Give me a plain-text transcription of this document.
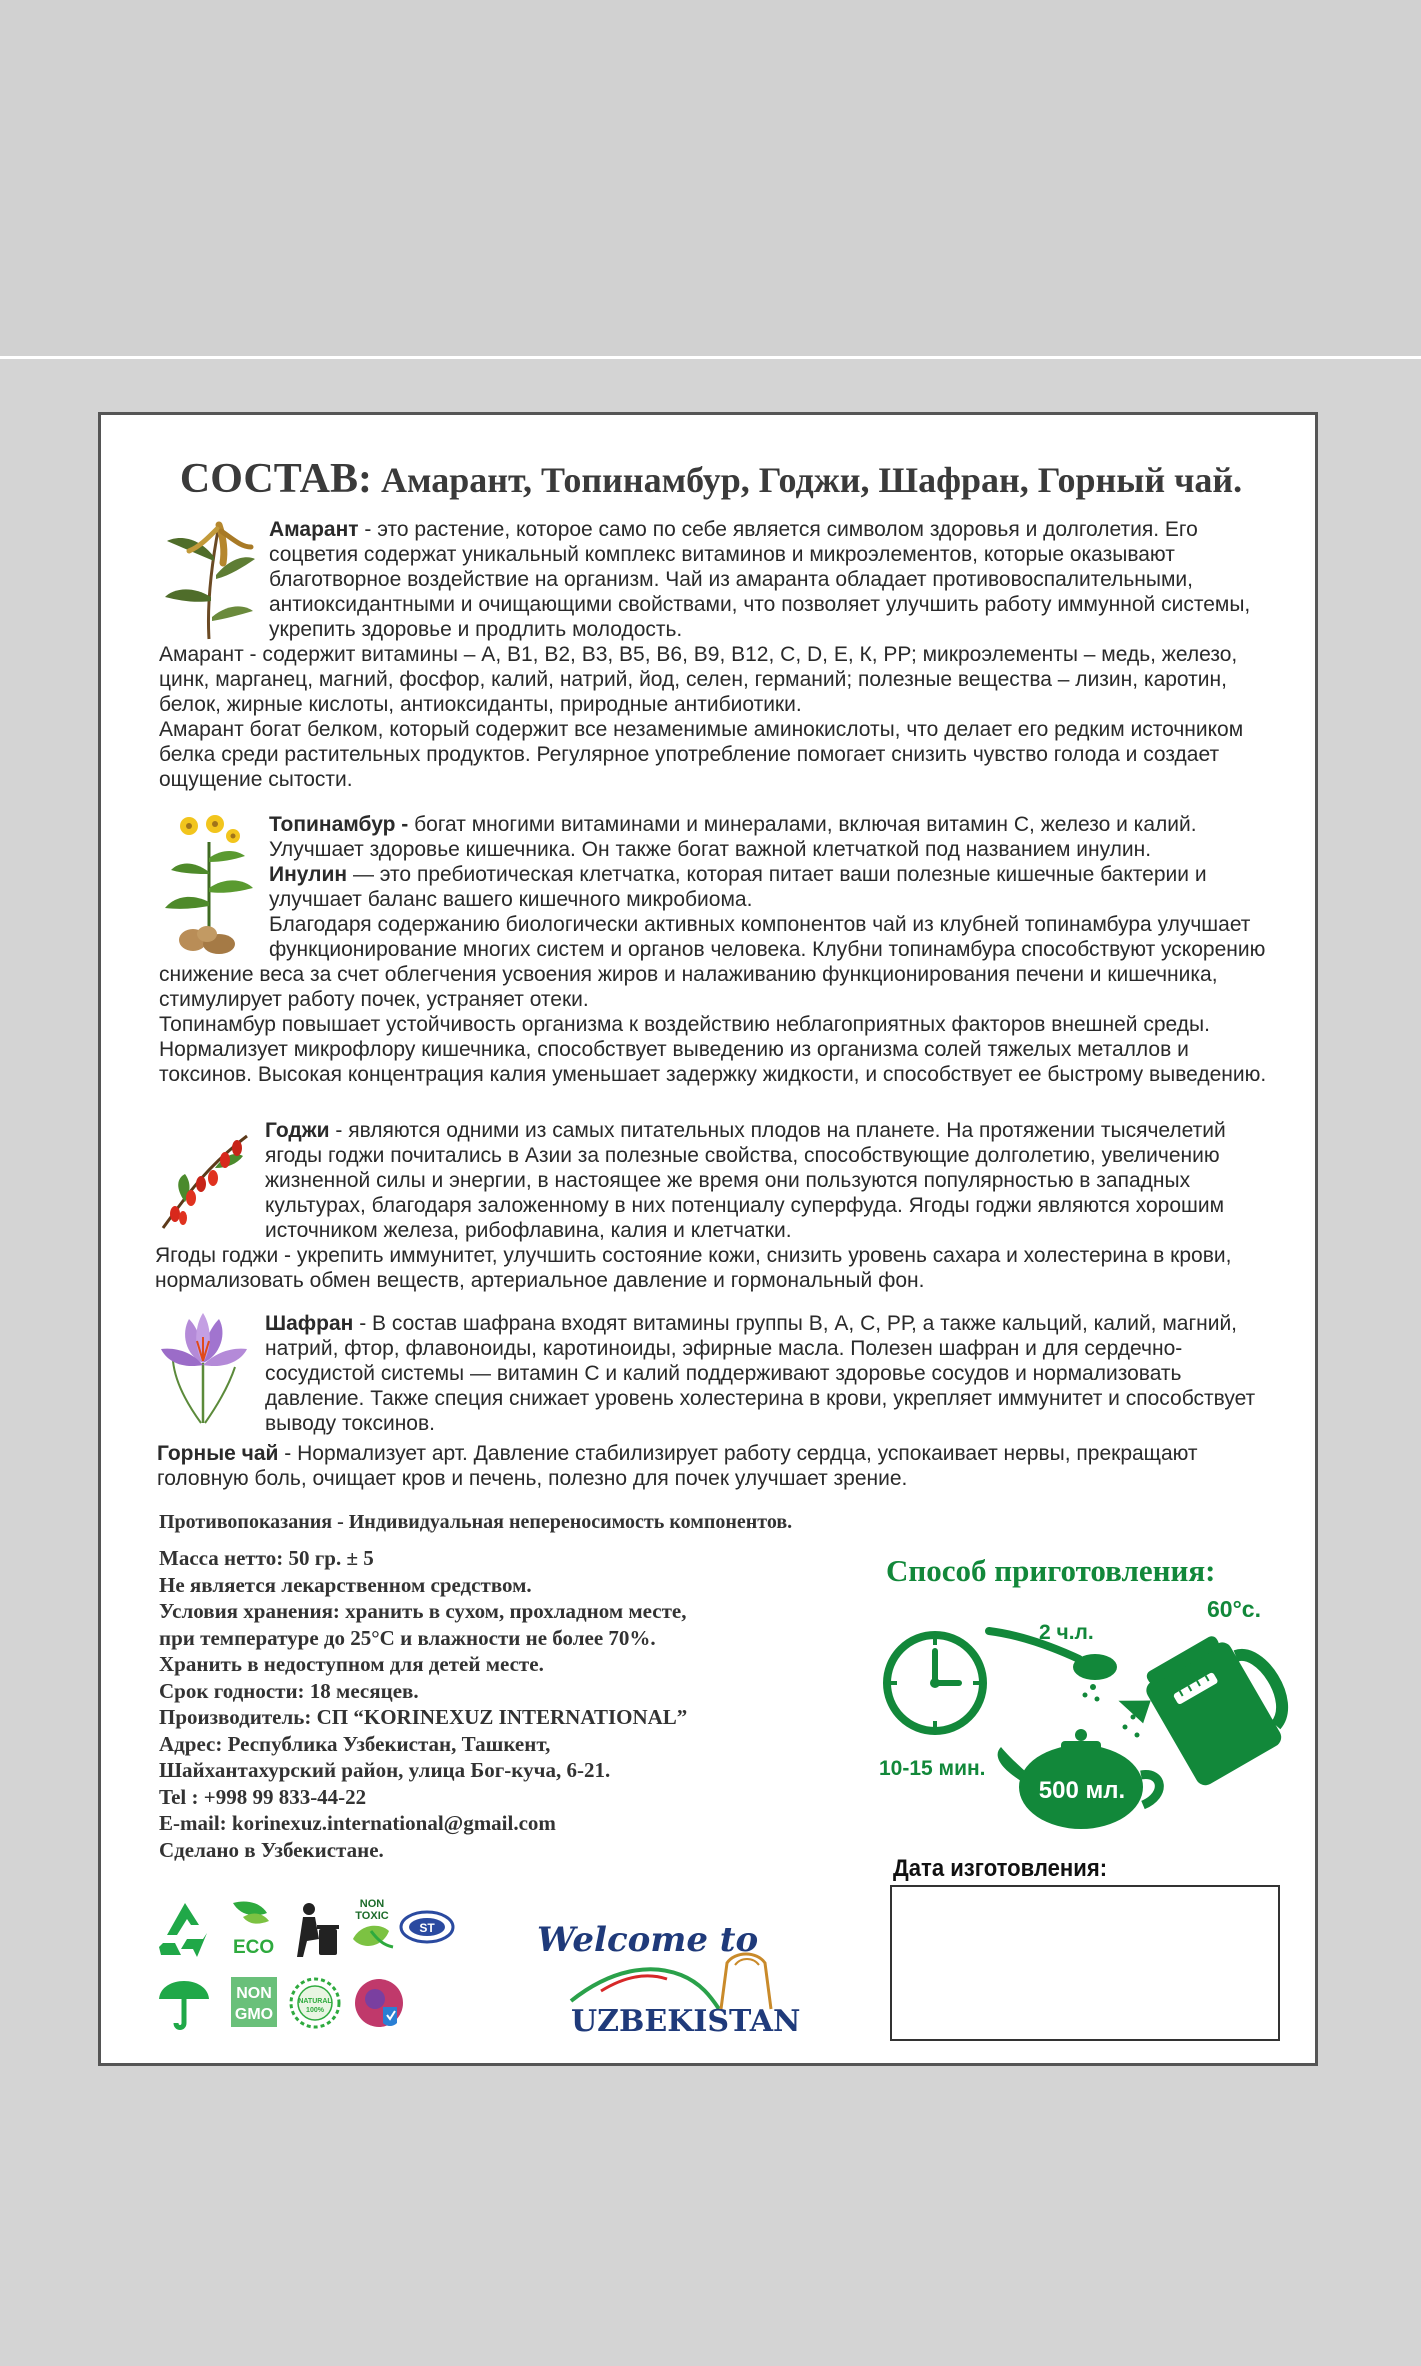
СОСТАВ: Амарант, Топинамбур, Годжи, Шафран, Горный чай.

Амарант - это растение, которое само по себе является символом здоровья и долголетия. Его соцветия содержат уникальный комплекс витаминов и микроэлементов, которые оказывают благотворное воздействие на организм. Чай из амаранта обладает противовоспалительными, антиоксидантными и очищающими свойствами, что позволяет улучшить работу иммунной системы, укрепить здоровье и продлить молодость.

Амарант - содержит витамины – А, В1, В2, В3, В5, В6, В9, В12, С, D, Е, К, РР; микроэлементы – медь, железо, цинк, марганец, магний, фосфор, калий, натрий, йод, селен, германий; полезные вещества – лизин, каротин, белок, жирные кислоты, антиоксиданты, природные антибиотики.

Амарант богат белком, который содержит все незаменимые аминокислоты, что делает его редким источником белка среди растительных продуктов. Регулярное употребление помогает снизить чувство голода и создает ощущение сытости.

Топинамбур - богат многими витаминами и минералами, включая витамин С, железо и калий. Улучшает здоровье кишечника. Он также богат важной клетчаткой под названием инулин.

Инулин — это пребиотическая клетчатка, которая питает ваши полезные кишечные бактерии и улучшает баланс вашего кишечного микробиома.

Благодаря содержанию биологически активных компонентов чай из клубней топинамбура улучшает функционирование многих систем и органов человека. Клубни топинамбура способствуют ускорению снижение веса за счет облегчения усвоения жиров и налаживанию функционирования печени и кишечника, стимулирует работу почек, устраняет отеки.

Топинамбур повышает устойчивость организма к воздействию неблагоприятных факторов внешней среды. Нормализует микрофлору кишечника, способствует выведению из организма солей тяжелых металлов и токсинов. Высокая концентрация калия уменьшает задержку жидкости, и способствует ее быстрому выведению.

Годжи - являются одними из самых питательных плодов на планете. На протяжении тысячелетий ягоды годжи почитались в Азии за полезные свойства, способствующие долголетию, увеличению жизненной силы и энергии, в настоящее же время они пользуются популярностью в западных культурах, благодаря заложенному в них потенциалу суперфуда. Ягоды годжи являются хорошим источником железа, рибофлавина, калия и клетчатки.

Ягоды годжи - укрепить иммунитет, улучшить состояние кожи, снизить уровень сахара и холестерина в крови, нормализовать обмен веществ, артериальное давление и гормональный фон.

Шафран - В состав шафрана входят витамины группы В, А, С, РР, а также кальций, калий, магний, натрий, фтор, флавоноиды, каротиноиды, эфирные масла. Полезен шафран и для сердечно-сосудистой системы — витамин С и калий поддерживают здоровье сосудов и нормализовать давление. Также специя снижает уровень холестерина в крови, укрепляет иммунитет и способствует выводу токсинов.

Горные чай - Нормализует арт. Давление стабилизирует работу сердца, успокаивает нервы, прекращают головную боль, очищает кров и печень, полезно для почек улучшает зрение.

Противопоказания - Индивидуальная непереносимость компонентов.
Масса нетто: 50 гр. ± 5
Не является лекарственном средством.
Условия хранения: хранить в сухом, прохладном месте,
при температуре до 25°C и влажности не более 70%.
Хранить в недоступном для детей месте.
Срок годности: 18 месяцев.
Производитель: СП “KORINEXUZ INTERNATIONAL”
Адрес: Республика Узбекистан, Ташкент,
Шайхантахурский район, улица Бог-куча, 6-21.
Tel : +998 99 833-44-22
E-mail: korinexuz.international@gmail.com
Сделано в Узбекистане.
Способ приготовления:
2 ч.л.
60°c.
500 мл.
10-15 мин.
Дата изготовления:
ECO
NON
TOXIC
ST
NON
GMO
NATURAL
100%
Welcome to
UZBEKISTAN
